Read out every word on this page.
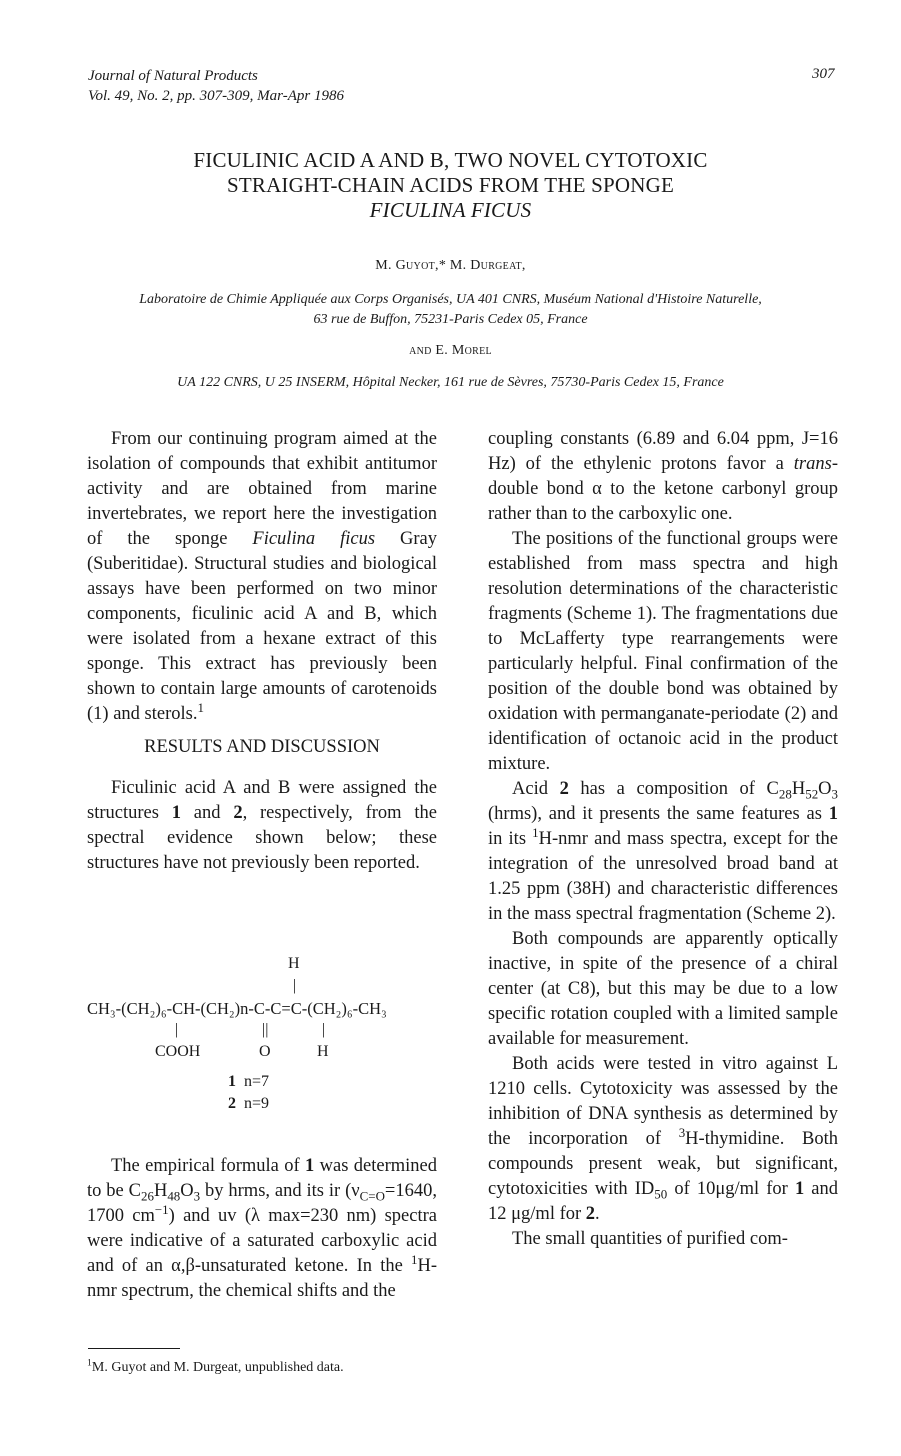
Journal of Natural Products
Vol. 49, No. 2, pp. 307-309, Mar-Apr 1986
307
FICULINIC ACID A AND B, TWO NOVEL CYTOTOXIC
STRAIGHT-CHAIN ACIDS FROM THE SPONGE
FICULINA FICUS
M. Guyot,* M. Durgeat,
Laboratoire de Chimie Appliquée aux Corps Organisés, UA 401 CNRS, Muséum National d'Histoire Naturelle,
63 rue de Buffon, 75231-Paris Cedex 05, France
and E. Morel
UA 122 CNRS, U 25 INSERM, Hôpital Necker, 161 rue de Sèvres, 75730-Paris Cedex 15, France

From our continuing program aimed at the isolation of compounds that exhibit antitumor activity and are obtained from marine invertebrates, we report here the investigation of the sponge Ficulina ficus Gray (Suberitidae). Structural studies and biological assays have been performed on two minor components, ficulinic acid A and B, which were isolated from a hexane extract of this sponge. This extract has previously been shown to contain large amounts of carotenoids (1) and sterols.$^1$

RESULTS AND DISCUSSION

Ficulinic acid A and B were assigned the structures 1 and 2, respectively, from the spectral evidence shown below; these structures have not previously been reported.

H
|
CH₃-(CH₂)₆-CH-(CH₂)n-C-C=C-(CH₂)₆-CH₃
|	||	|
COOH	O	H
1 n=7
2 n=9

The empirical formula of 1 was determined to be $C_{26}H_{48}O_3$ by hrms, and its ir ($\nu_{C=O}=1640$, 1700 $cm^{-1}$) and uv (λ max=230 nm) spectra were indicative of a saturated carboxylic acid and of an α,β-unsaturated ketone. In the $^1$H-nmr spectrum, the chemical shifts and the

$^1$M. Guyot and M. Durgeat, unpublished data.

coupling constants (6.89 and 6.04 ppm, J=16 Hz) of the ethylenic protons favor a trans-double bond α to the ketone carbonyl group rather than to the carboxylic one.

The positions of the functional groups were established from mass spectra and high resolution determinations of the characteristic fragments (Scheme 1). The fragmentations due to McLafferty type rearrangements were particularly helpful. Final confirmation of the position of the double bond was obtained by oxidation with permanganate-periodate (2) and identification of octanoic acid in the product mixture.

Acid 2 has a composition of $C_{28}H_{52}O_3$ (hrms), and it presents the same features as 1 in its $^1$H-nmr and mass spectra, except for the integration of the unresolved broad band at 1.25 ppm (38H) and characteristic differences in the mass spectral fragmentation (Scheme 2).

Both compounds are apparently optically inactive, in spite of the presence of a chiral center (at C8), but this may be due to a low specific rotation coupled with a limited sample available for measurement.

Both acids were tested in vitro against L 1210 cells. Cytotoxicity was assessed by the inhibition of DNA synthesis as determined by the incorporation of $^3$H-thymidine. Both compounds present weak, but significant, cytotoxicities with $ID_{50}$ of 10μg/ml for 1 and 12 μg/ml for 2.

The small quantities of purified com-
